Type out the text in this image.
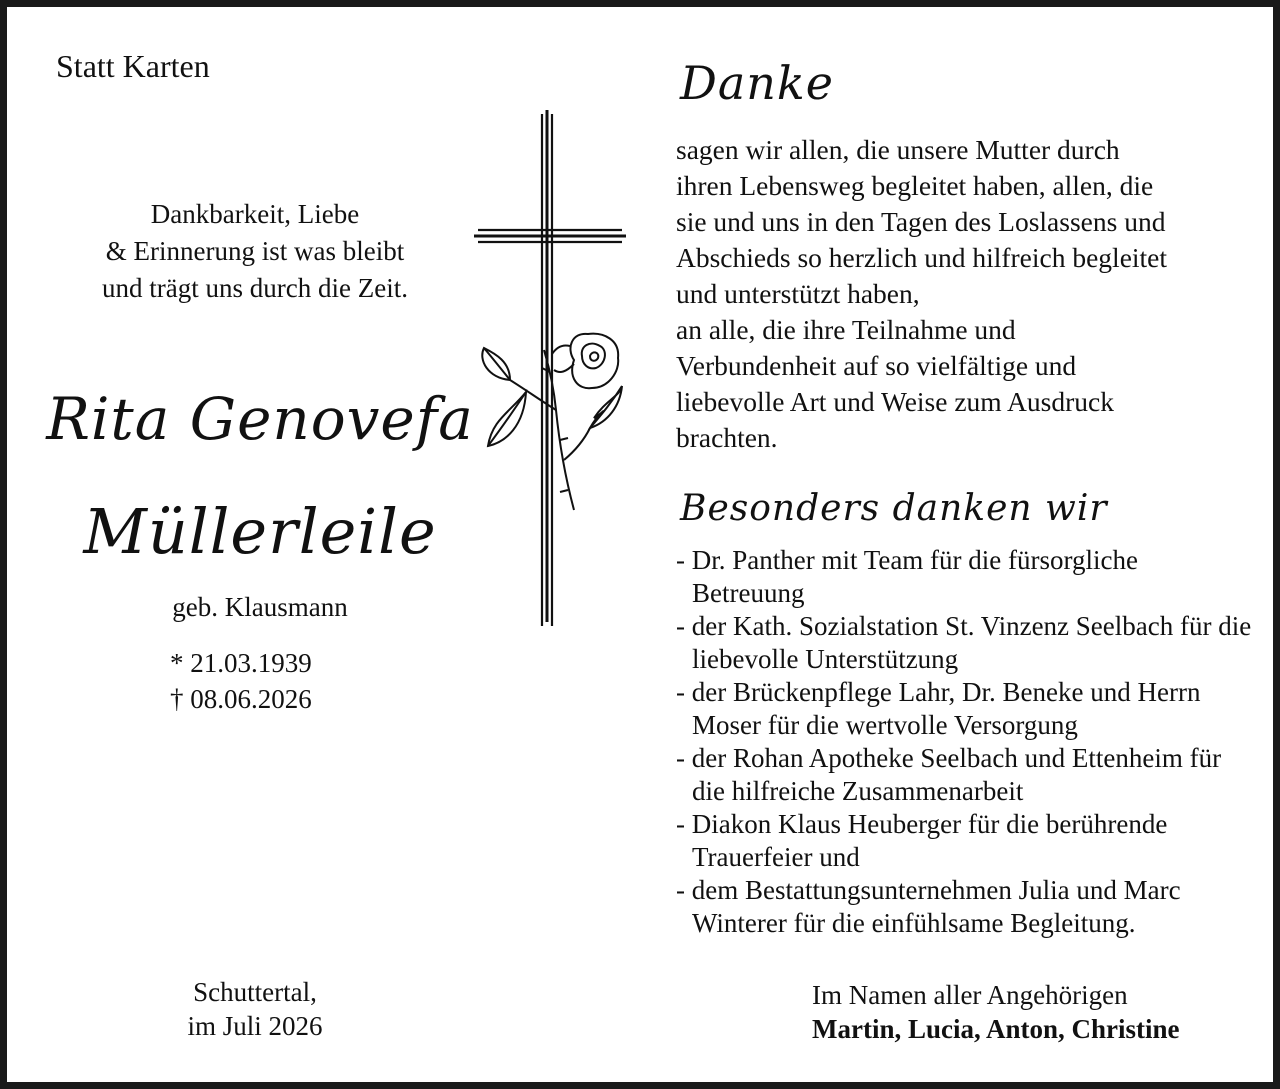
Statt Karten
Dankbarkeit, Liebe
& Erinnerung ist was bleibt
und trägt uns durch die Zeit.
Rita Genovefa
Müllerleile
geb. Klausmann
* 21.03.1939
† 08.06.2026
Schuttertal,
im Juli 2026
Danke
sagen wir allen, die unsere Mutter durch
ihren Lebensweg begleitet haben, allen, die
sie und uns in den Tagen des Loslassens und
Abschieds so herzlich und hilfreich begleitet
und unterstützt haben,
an alle, die ihre Teilnahme und
Verbundenheit auf so vielfältige und
liebevolle Art und Weise zum Ausdruck
brachten.
Besonders danken wir
- Dr. Panther mit Team für die fürsorgliche Betreuung
- der Kath. Sozialstation St. Vinzenz Seelbach für die liebevolle Unterstützung
- der Brückenpflege Lahr, Dr. Beneke und Herrn Moser für die wertvolle Versorgung
- der Rohan Apotheke Seelbach und Ettenheim für die hilfreiche Zusammenarbeit
- Diakon Klaus Heuberger für die berührende Trauerfeier und
- dem Bestattungsunternehmen Julia und Marc Winterer für die einfühlsame Begleitung.
Im Namen aller Angehörigen
Martin, Lucia, Anton, Christine
